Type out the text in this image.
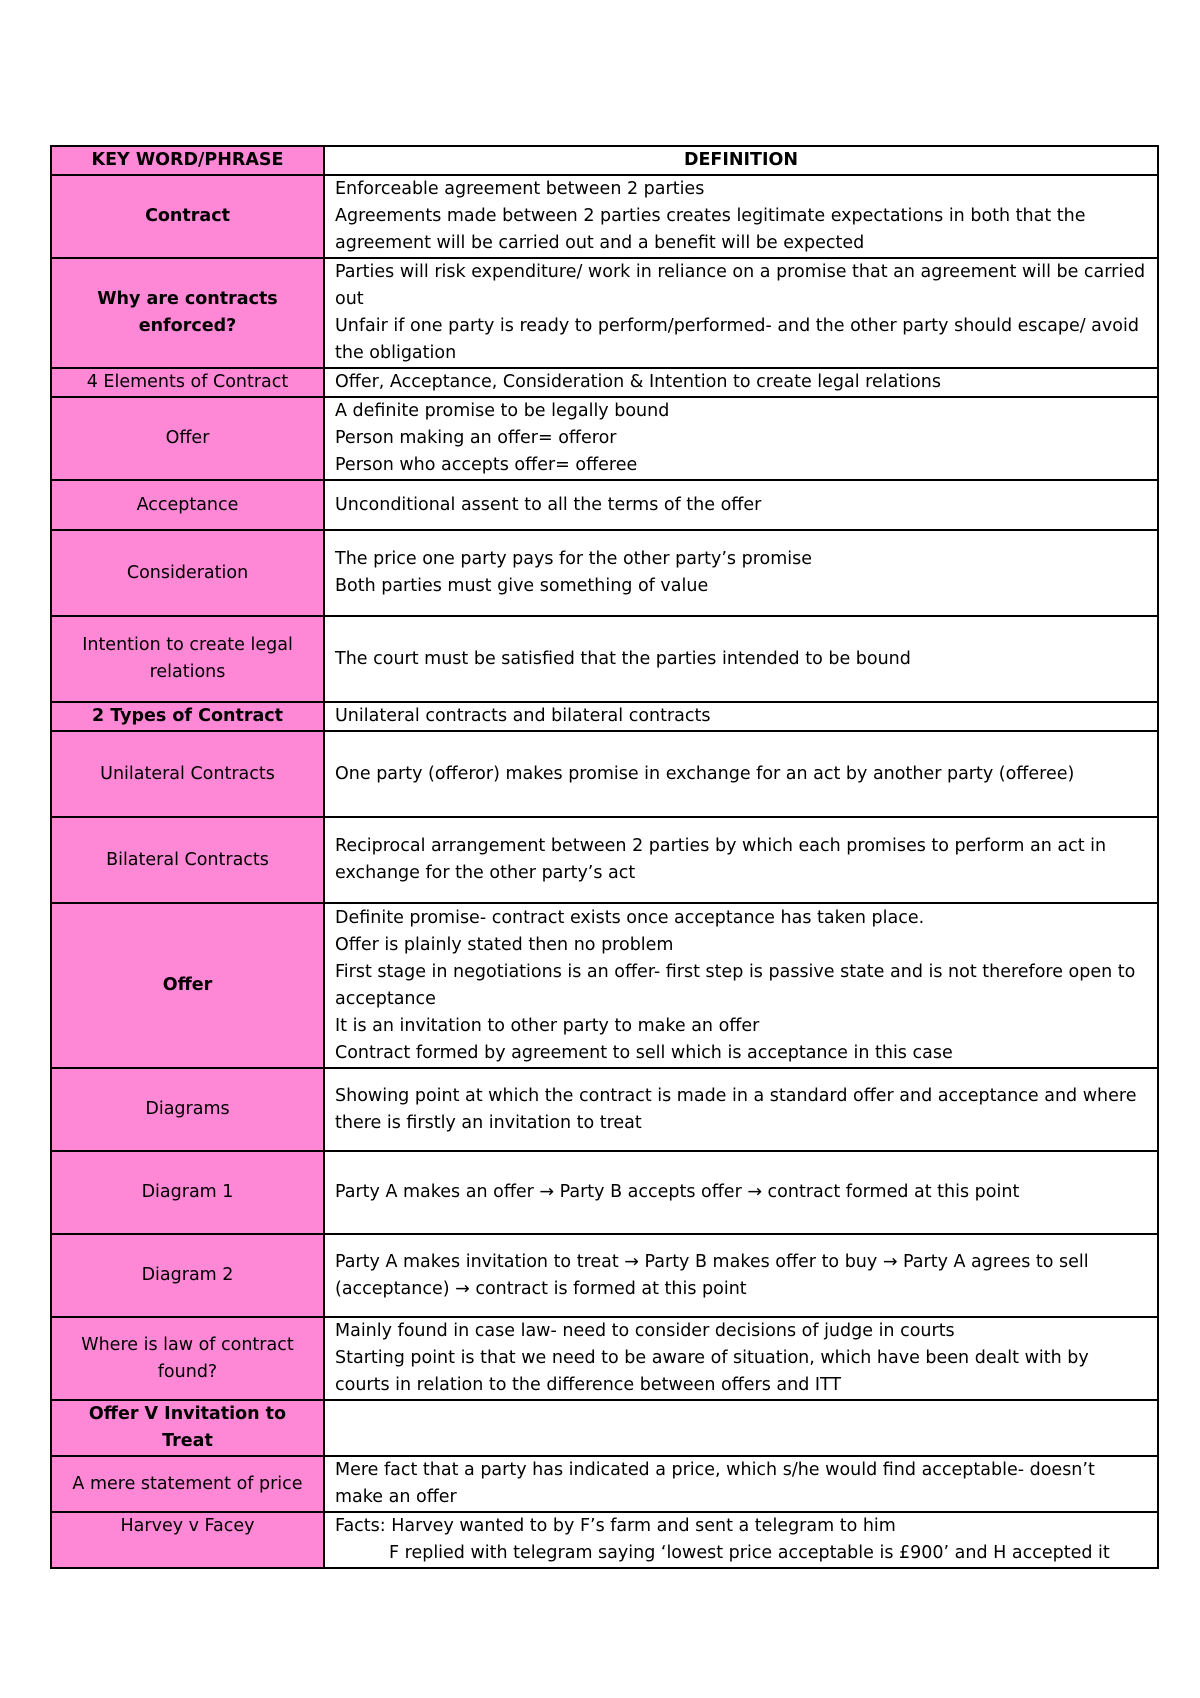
KEY WORD/PHRASE	DEFINITION
Contract	Enforceable agreement between 2 parties
Agreements made between 2 parties creates legitimate expectations in both that the agreement will be carried out and a benefit will be expected

Why are contracts enforced?	Parties will risk expenditure/ work in reliance on a promise that an agreement will be carried out
Unfair if one party is ready to perform/performed- and the other party should escape/ avoid the obligation

4 Elements of Contract	Offer, Acceptance, Consideration & Intention to create legal relations

Offer	A definite promise to be legally bound
Person making an offer= offeror
Person who accepts offer= offeree

Acceptance	Unconditional assent to all the terms of the offer

Consideration	The price one party pays for the other party’s promise
Both parties must give something of value

Intention to create legal relations	The court must be satisfied that the parties intended to be bound

2 Types of Contract	Unilateral contracts and bilateral contracts

Unilateral Contracts	One party (offeror) makes promise in exchange for an act by another party (offeree)

Bilateral Contracts	Reciprocal arrangement between 2 parties by which each promises to perform an act in exchange for the other party’s act

Offer	Definite promise- contract exists once acceptance has taken place.
Offer is plainly stated then no problem
First stage in negotiations is an offer- first step is passive state and is not therefore open to acceptance
It is an invitation to other party to make an offer
Contract formed by agreement to sell which is acceptance in this case

Diagrams	Showing point at which the contract is made in a standard offer and acceptance and where there is firstly an invitation to treat

Diagram 1	Party A makes an offer → Party B accepts offer → contract formed at this point

Diagram 2	Party A makes invitation to treat → Party B makes offer to buy → Party A agrees to sell (acceptance) → contract is formed at this point

Where is law of contract found?	Mainly found in case law- need to consider decisions of judge in courts
Starting point is that we need to be aware of situation, which have been dealt with by courts in relation to the difference between offers and ITT

Offer V Invitation to Treat	
A mere statement of price	Mere fact that a party has indicated a price, which s/he would find acceptable- doesn’t make an offer

Harvey v Facey	Facts: Harvey wanted to by F’s farm and sent a telegram to him
F replied with telegram saying ‘lowest price acceptable is £900’ and H accepted it
